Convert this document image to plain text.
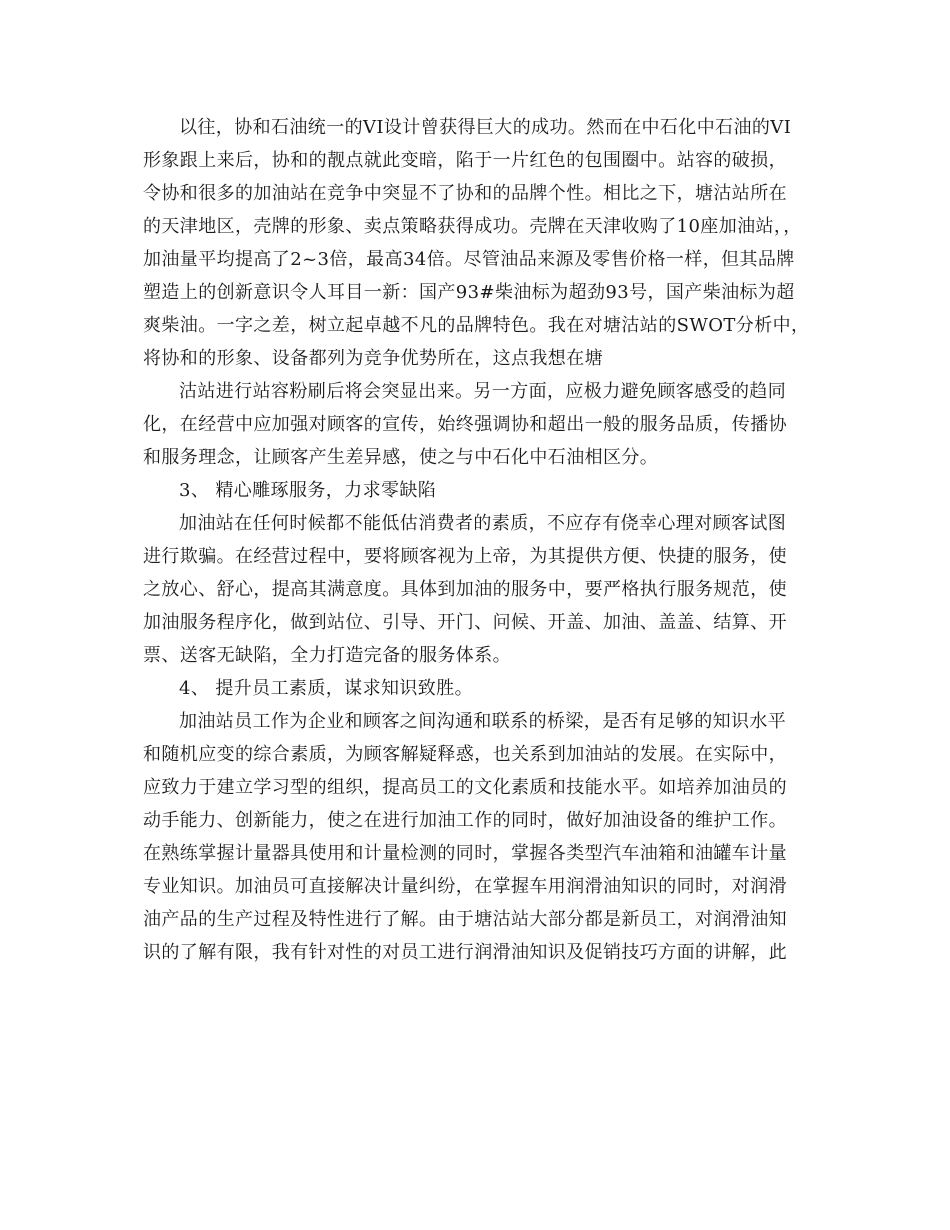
以往，协和石油统一的VI设计曾获得巨大的成功。然而在中石化中石油的VI
形象跟上来后，协和的靓点就此变暗，陷于一片红色的包围圈中。站容的破损，
令协和很多的加油站在竞争中突显不了协和的品牌个性。相比之下，塘沽站所在
的天津地区，壳牌的形象、卖点策略获得成功。壳牌在天津收购了10座加油站，，
加油量平均提高了2~3倍，最高34倍。尽管油品来源及零售价格一样，但其品牌
塑造上的创新意识令人耳目一新：国产93#柴油标为超劲93号，国产柴油标为超
爽柴油。一字之差，树立起卓越不凡的品牌特色。我在对塘沽站的SWOT分析中，
将协和的形象、设备都列为竞争优势所在，这点我想在塘
沽站进行站容粉刷后将会突显出来。另一方面，应极力避免顾客感受的趋同
化，在经营中应加强对顾客的宣传，始终强调协和超出一般的服务品质，传播协
和服务理念，让顾客产生差异感，使之与中石化中石油相区分。
3、 精心雕琢服务，力求零缺陷
加油站在任何时候都不能低估消费者的素质，不应存有侥幸心理对顾客试图
进行欺骗。在经营过程中，要将顾客视为上帝，为其提供方便、快捷的服务，使
之放心、舒心，提高其满意度。具体到加油的服务中，要严格执行服务规范，使
加油服务程序化，做到站位、引导、开门、问候、开盖、加油、盖盖、结算、开
票、送客无缺陷，全力打造完备的服务体系。
4、 提升员工素质，谋求知识致胜。
加油站员工作为企业和顾客之间沟通和联系的桥梁，是否有足够的知识水平
和随机应变的综合素质，为顾客解疑释惑，也关系到加油站的发展。在实际中，
应致力于建立学习型的组织，提高员工的文化素质和技能水平。如培养加油员的
动手能力、创新能力，使之在进行加油工作的同时，做好加油设备的维护工作。
在熟练掌握计量器具使用和计量检测的同时，掌握各类型汽车油箱和油罐车计量
专业知识。加油员可直接解决计量纠纷，在掌握车用润滑油知识的同时，对润滑
油产品的生产过程及特性进行了解。由于塘沽站大部分都是新员工，对润滑油知
识的了解有限，我有针对性的对员工进行润滑油知识及促销技巧方面的讲解，此
